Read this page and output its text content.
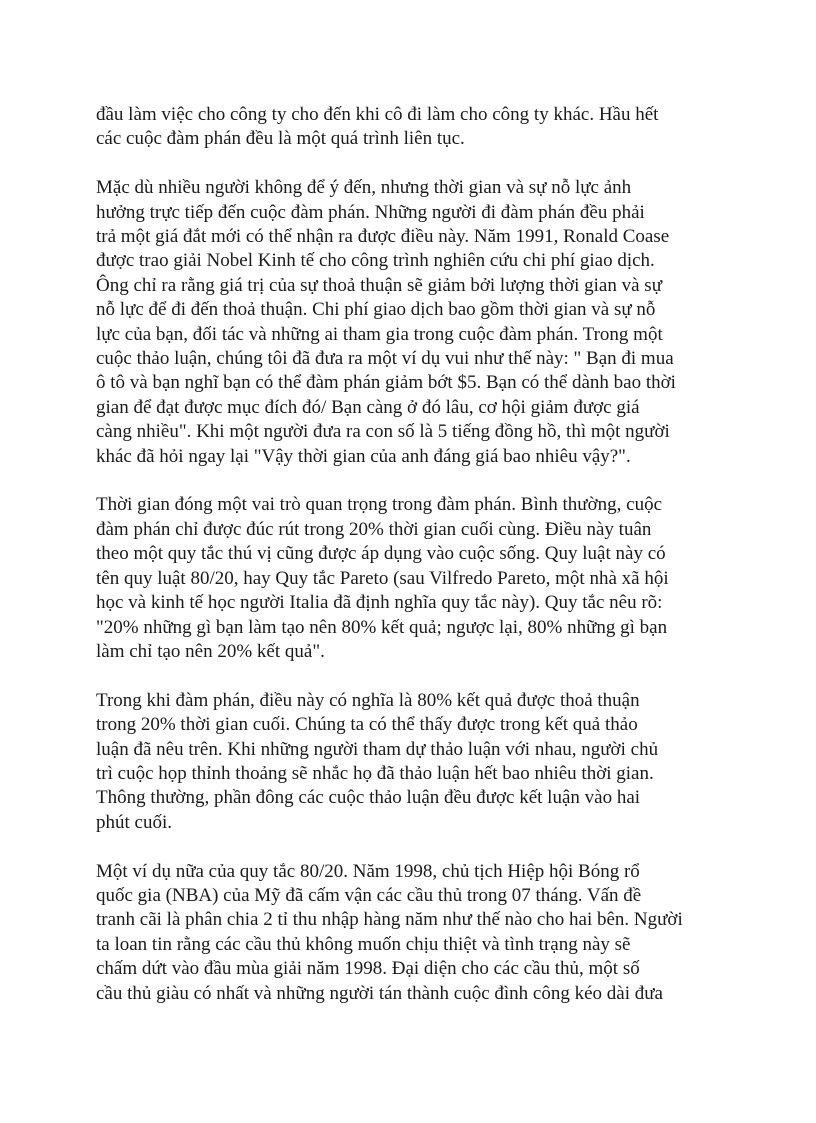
đầu làm việc cho công ty cho đến khi cô đi làm cho công ty khác. Hầu hết
các cuộc đàm phán đều là một quá trình liên tục.

Mặc dù nhiều người không để ý đến, nhưng thời gian và sự nỗ lực ảnh
hưởng trực tiếp đến cuộc đàm phán. Những người đi đàm phán đều phải
trả một giá đắt mới có thể nhận ra được điều này. Năm 1991, Ronald Coase
được trao giải Nobel Kinh tế cho công trình nghiên cứu chi phí giao dịch.
Ông chỉ ra rằng giá trị của sự thoả thuận sẽ giảm bởi lượng thời gian và sự
nỗ lực để đi đến thoả thuận. Chi phí giao dịch bao gồm thời gian và sự nỗ
lực của bạn, đối tác và những ai tham gia trong cuộc đàm phán. Trong một
cuộc thảo luận, chúng tôi đã đưa ra một ví dụ vui như thế này: " Bạn đi mua
ô tô và bạn nghĩ bạn có thể đàm phán giảm bớt $5. Bạn có thể dành bao thời
gian để đạt được mục đích đó/ Bạn càng ở đó lâu, cơ hội giảm được giá
càng nhiều". Khi một người đưa ra con số là 5 tiếng đồng hồ, thì một người
khác đã hỏi ngay lại "Vậy thời gian của anh đáng giá bao nhiêu vậy?".

Thời gian đóng một vai trò quan trọng trong đàm phán. Bình thường, cuộc
đàm phán chỉ được đúc rút trong 20% thời gian cuối cùng. Điều này tuân
theo một quy tắc thú vị cũng được áp dụng vào cuộc sống. Quy luật này có
tên quy luật 80/20, hay Quy tắc Pareto (sau Vilfredo Pareto, một nhà xã hội
học và kinh tế học người Italia đã định nghĩa quy tắc này). Quy tắc nêu rõ:
"20% những gì bạn làm tạo nên 80% kết quả; ngược lại, 80% những gì bạn
làm chỉ tạo nên 20% kết quả".

Trong khi đàm phán, điều này có nghĩa là 80% kết quả được thoả thuận
trong 20% thời gian cuối. Chúng ta có thể thấy được trong kết quả thảo
luận đã nêu trên. Khi những người tham dự thảo luận với nhau, người chủ
trì cuộc họp thỉnh thoảng sẽ nhắc họ đã thảo luận hết bao nhiêu thời gian.
Thông thường, phần đông các cuộc thảo luận đều được kết luận vào hai
phút cuối.

Một ví dụ nữa của quy tắc 80/20. Năm 1998, chủ tịch Hiệp hội Bóng rổ
quốc gia (NBA) của Mỹ đã cấm vận các cầu thủ trong 07 tháng. Vấn đề
tranh cãi là phân chia 2 tỉ thu nhập hàng năm như thế nào cho hai bên. Người
ta loan tin rằng các cầu thủ không muốn chịu thiệt và tình trạng này sẽ
chấm dứt vào đầu mùa giải năm 1998. Đại diện cho các cầu thủ, một số
cầu thủ giàu có nhất và những người tán thành cuộc đình công kéo dài đưa
